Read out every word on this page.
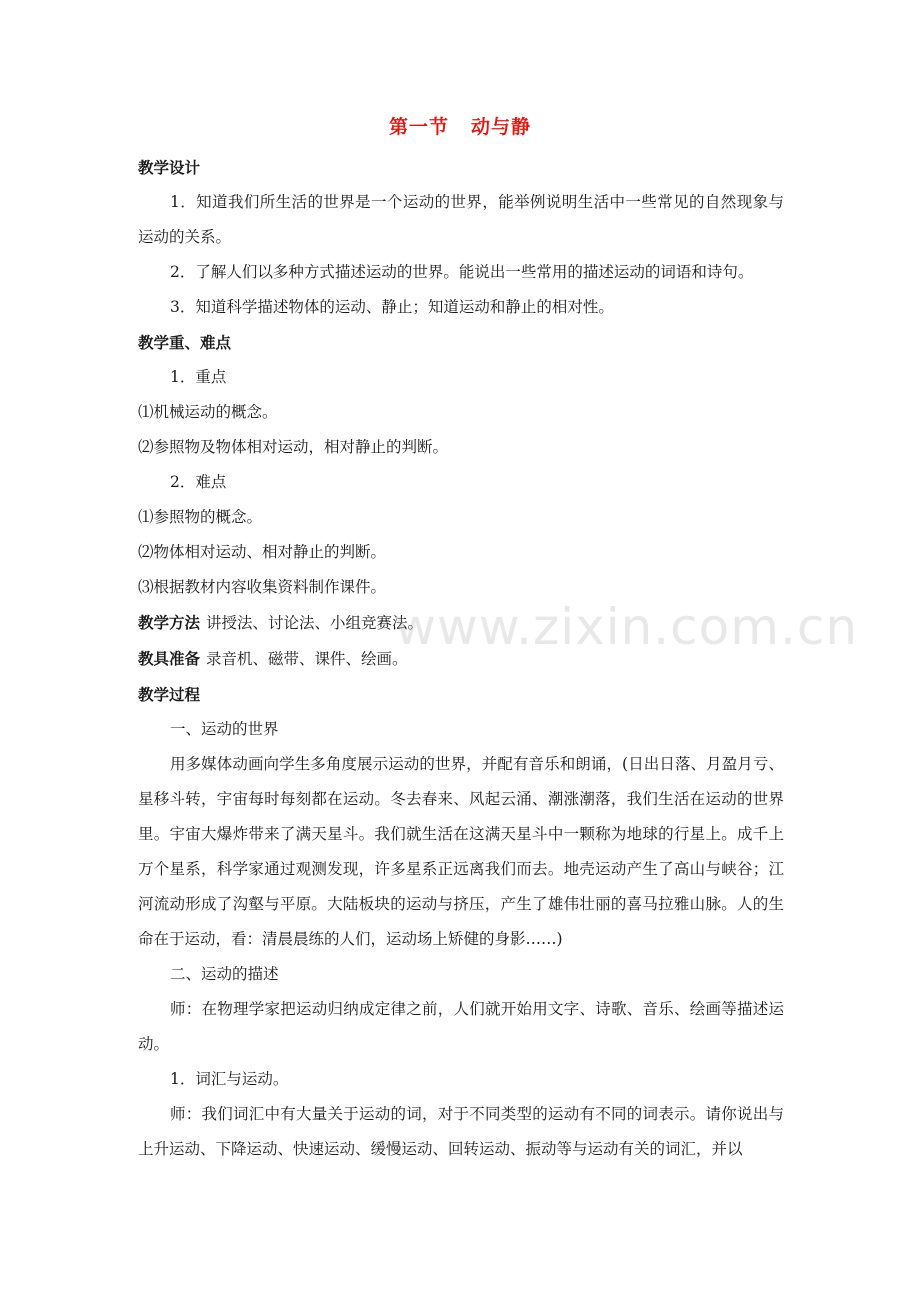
第一节 动与静

教学设计

1．知道我们所生活的世界是一个运动的世界，能举例说明生活中一些常见的自然现象与运动的关系。

2．了解人们以多种方式描述运动的世界。能说出一些常用的描述运动的词语和诗句。

3．知道科学描述物体的运动、静止；知道运动和静止的相对性。

教学重、难点

1．重点

⑴机械运动的概念。

⑵参照物及物体相对运动，相对静止的判断。

2．难点

⑴参照物的概念。

⑵物体相对运动、相对静止的判断。

⑶根据教材内容收集资料制作课件。

教学方法 讲授法、讨论法、小组竞赛法。

教具准备 录音机、磁带、课件、绘画。

教学过程

一、运动的世界

用多媒体动画向学生多角度展示运动的世界，并配有音乐和朗诵，(日出日落、月盈月亏、星移斗转，宇宙每时每刻都在运动。冬去春来、风起云涌、潮涨潮落，我们生活在运动的世界里。宇宙大爆炸带来了满天星斗。我们就生活在这满天星斗中一颗称为地球的行星上。成千上万个星系，科学家通过观测发现，许多星系正远离我们而去。地壳运动产生了高山与峡谷；江河流动形成了沟壑与平原。大陆板块的运动与挤压，产生了雄伟壮丽的喜马拉雅山脉。人的生命在于运动，看：清晨晨练的人们，运动场上矫健的身影……)

二、运动的描述

师：在物理学家把运动归纳成定律之前，人们就开始用文字、诗歌、音乐、绘画等描述运动。

1．词汇与运动。

师：我们词汇中有大量关于运动的词，对于不同类型的运动有不同的词表示。请你说出与上升运动、下降运动、快速运动、缓慢运动、回转运动、振动等与运动有关的词汇，并以

www.zixin.com.cn
